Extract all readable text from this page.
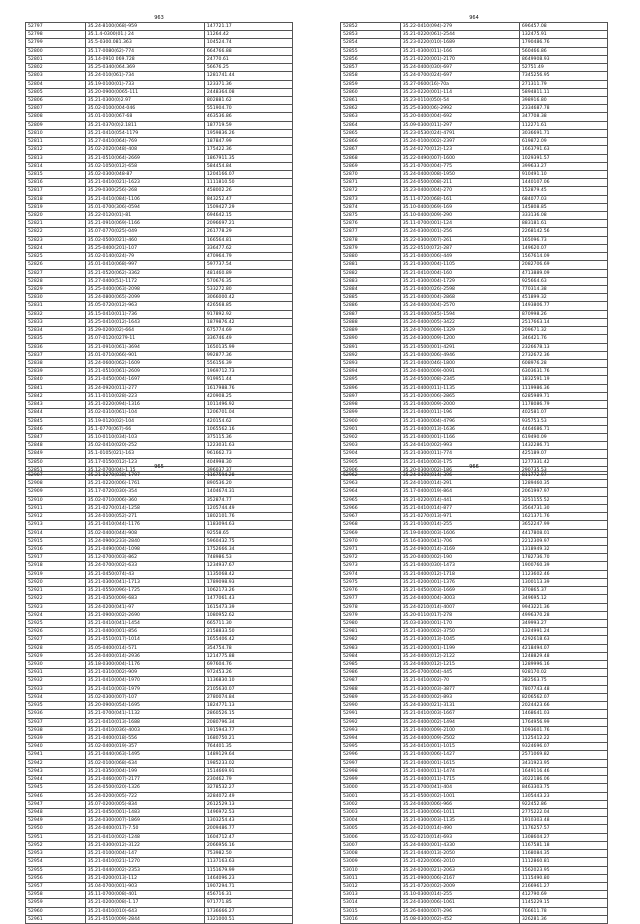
963
52797	35.24-8100(068)-959	147721.17
52798	35.1.4-0300(01.) 24	11264.42
52799	35.5-0300.081.363	104524.74
52800	35.17-0080(62)-774	664766.88
52801	35.14-0910 069.728	24770.61
52802	35.25-0340(064.369	56676.25
52803	35.24-010(061)-734	1281741.44
52804	35.19-0100(01)-733	123371.36
52805	35.20-0900(0065-111	2448364.08
52806	35.21-0300(0)2.97	802881.62
52807	35.02-0100(004-046	551904.70
52808	35.01-0100(067-68	463536.86
52809	35.21-0370(0)2.1811	187719.59
52810	35.21-0410(054-1179	1959836.26
52811	35.27-0410(064)-769	187847.99
52812	35.02-2020(048)-408	175422.36
52813	35.21-0510(064)-2669	1867911.35
52814	35.02-1050(012)-658	584454.84
52815	35.02-0300(048-87	1204166.07
52816	35.21-0410(021)-1623	1111810.50
52817	35.29-0300(256)-268	458002.26
52818	35.21-0410(084)-1106	843252.47
52819	35.01-0700(306)-0594	1509427.29
52820	35.22-0120(01)-81	694642.15
52821	35.21-0910(069)-1166	2096697.21
52822	35.07-0770(025)-049	261778.29
52823	35.02-0500(021)-460	166564.81
52824	35.25-0400(201)-107	336477.62
52825	35.02-0140(024)-79	470964.79
52826	35.01-0410(068)-997	597737.54
52827	35.21-0520(062)-3362	481460.89
52828	35.27-0400(51)-1172	570676.35
52829	35.25-0400(063)-2098	533272.80
52830	35.24-0800(065)-2099	3066000.42
52831	35.05-0720(012)-963	426568.85
52832	35.15-0410(011)-736	917892.92
52833	35.25-0410(012)-1643	1879876.42
52834	35.29-0200(02)-664	675774.69
52835	35.07-0120(0279-11	336746.49
52836	35.21-0910(061)-3694	1650135.99
52837	35.01-0710(066)-901	992877.36
52838	35.24-0600(062)-1609	556156.39
52839	35.21-0510(061)-2609	1969712.73
52840	35.21-0450(004)-1697	919951.44
52841	35.24-0920(011)-277	1617988.76
52842	35.11-0110(028)-223	420908.25
52843	35.21-0220(094)-1316	1011496.92
52844	35.02-0310(061)-104	1206701.04
52845	35.19-0120(02)-104	420154.62
52846	35.1-0770(067)-66	1065562.16
52847	35.10-0110(034)-103	375115.36
52848	35.02-0410(020)-252	1223031.63
52849	35.1-0105(021)-163	961662.73
52850	35.17-0150(012)-123	404998.30
52851	35.12-0700(04)-1.15	396037.37
964
52852	35.22-0410(094)-279	696457.08
52853	35.21-0220(061)-2544	132475.91
52854	35.23-0220(010)-1689	1790486.76
52855	35.21-0300(011)-166	560466.86
52856	35.21-0220(001)-2170	8649908.93
52857	35.24-0400(030)-697	52751.49
52858	35.24-0700(024)-697	7345256.95
52859	35.27-0600(16)-70a	271311.79
52860	35.23-0220(001)-114	5894811.11
52861	35.23-0110(050)-54	398916.80
52862	35.25-0300(06)-2992	2334687.78
52863	35.20-0400(004)-692	347708.38
52864	35.09-0300(011)-297	112271.61
52865	35.23-0530(024)-4791	3036691.71
52866	35.24-0100(002)-2397	619872.09
52867	35.24-0270(012)-123	1663791.63
52868	35.22-0490(007)-1600	1029391.57
52869	35.21-0700(004)-775	399633.27
52870	35.24-0400(008)-1950	910491.10
52871	35.24-0500(008)-211	1440107.06
52872	35.23-0400(004)-270	152879.45
52873	35.11-0720(068)-161	684077.03
52874	35.10-0400(069)-169	145808.85
52875	35.10-0400(009)-290	333136.08
52876	35.11-0700(001)-124	883181.61
52877	35.24-0300(001)-256	2268142.56
52878	35.22-0300(007)-261	165096.73
52879	35.22-0510(072)-287	149620.07
52880	35.21-0400(006)-449	1567614.09
52881	35.21-0300(004)-1105	2082706.69
52882	35.21-0410(004)-160	4713889.09
52883	35.21-0300(004)-1729	925664.63
52884	35.21-0400(026)-2598	770314.38
52885	35.21-0400(004)-2868	451899.32
52886	35.24-0400(004)-2570	1493806.77
52887	35.21-0400(045)-1594	870998.26
52888	35.24-0400(005)-3422	2517663.14
52889	35.24-0700(009)-1329	209671.32
52890	35.24-0300(009)-1200	346421.76
52891	35.21-0500(001)-4291	2326678.13
52892	35.21-0400(006)-4946	2732672.36
52893	35.21-0400(046)-1800	608976.28
52894	35.24-0400(009)-0091	6303631.76
52895	35.24-0500(008)-2345	1832591.19
52896	35.21-0400(011)-1135	1119986.36
52897	35.21-0200(006)-2865	6285989.71
52898	35.21-0400(009)-2000	1178086.79
52899	35.21-0400(011)-196	402581.07
52900	35.21-0300(004)-4796	935753.53
52901	35.21-0400(013)-1636	4464686.71
52902	35.21-0400(001)-1166	619490.09
52903	35.24-0410(002)-993	1432286.71
52904	35.21-0300(011)-774	425189.07
52905	35.21-0410(003)-175	1277331.42
52906	35.20-0300(002)-186	290735.53
965
52907	35.21-0270(038)-1797	1167594.28
52908	35.21-0220(006)-1761	890536.20
52909	35.17-0720(030)-354	1404674.31
52910	35.02-0710(006)-360	352874.77
52911	35.21-0270(014)-1258	1205744.49
52912	35.24-0100(052)-271	1802101.76
52913	35.21-0410(044)-1176	1183094.63
52914	35.02-0400(044)-908	92558.65
52915	35.24-0900(233)-2840	5960432.75
52916	35.21-0490(004)-1098	1752666.34
52917	35.12-0700(003)-862	748986.53
52918	35.24-0700(002)-633	1234937.67
52919	35.21-0450(074)-43	1135068.42
52920	35.21-0300(041)-1713	1789098.93
52921	35.21-0550(096)-1725	1062173.26
52922	35.21-0350(009)-683	1477061.43
52923	35.24-0200(041)-97	1615473.39
52924	35.21-0900(002)-2690	1080952.62
52925	35.21-0410(041)-1454	665711.30
52926	35.21-0400(001)-856	2158833.50
52927	35.21-0510(017)-1014	1655406.42
52928	35.05-0400(014)-571	354754.78
52929	35.24-0400(014)-2936	1214775.88
52930	35.18-0300(004)-1176	697604.76
52931	35.21-0310(002)-909	972453.26
52932	35.21-0410(004)-1970	1136830.10
52933	35.21-0410(003)-1979	2105630.07
52934	35.02-0300(007)-107	2780074.84
52935	35.20-0900(054)-1695	1824771.13
52936	35.21-0700(041)-1132	2860526.15
52937	35.21-0410(013)-1688	2080796.34
52938	35.21-0410(036)-4003	1915943.77
52939	35.21-0400(018)-556	1680750.21
52940	35.02-0400(019)-357	764401.35
52941	35.21-0440(063)-1495	1489129.64
52942	35.02-0100(068)-634	1985233.02
52943	35.21-0350(004)-199	1514669.91
52944	35.21-0460(007)-2177	230462.79
52945	35.24-0500(020)-1326	3278532.27
52946	35.24-0200(005)-722	3284072.49
52947	35.07-0200(005)-834	2612529.13
52948	35.21-0450(001)-1483	1496972.53
52949	35.24-0300(007)-1869	1303254.43
52950	35.24-0400(017)-7.50	2009486.77
52951	35.21-0410(002)-1248	1604712.47
52952	35.21-0300(012)-3122	2066956.16
52953	35.21-0100(004)-147	753982.50
52954	35.21-0410(021)-1270	1137163.63
52955	35.21-0440(002)-2353	1151679.99
52956	35.21-0200(013)-112	1464096.23
52957	35.04-0700(001)-903	1907294.71
52958	35.11-0700(008)-401	456716.31
52959	35.21-0200(008)-1.17	971771.85
52960	35.21-0410(010)-643	1736666.27
52961	35.21-0510(009)-2844	1321000.51
966
52962	35.24-0300(014)-396	811772.97
52963	35.24-0100(014)-291	1289460.35
52964	35.17-0400(019)-864	2061997.97
52965	35.21-0220(014)-441	3251155.52
52966	35.21-0410(014)-877	3564731.30
52967	35.21-0270(013)-971	1621371.76
52968	35.21-0100(014)-255	3652247.99
52969	35.19-0400(003)-1606	4417808.01
52970	35.16-0300(041)-706	2212309.97
52971	35.24-0900(014)-3169	1318949.32
52972	35.20-0400(002)-190	1782736.70
52973	35.21-0400(030)-1473	1900760.39
52974	35.21-0400(012)-1718	1123602.46
52975	35.21-0200(001)-1376	1300113.39
52976	35.21-0450(003)-1669	370865.37
52977	35.24-0400(004)-3003	349695.12
52978	35.24-0210(014)-4007	9943221.36
52979	35.20-0110(017)-278	4996370.28
52980	35.03-0300(001)-170	349993.27
52981	35.21-0300(002)-3750	1324991.24
52982	35.21-0300(013)-1045	4292618.63
52983	35.21-0200(001)-1199	4218494.07
52984	35.24-0400(012)-2122	1248829.48
52985	35.24-0400(012)-1215	1289996.16
52986	35.26-0700(004)-445	928170.02
52987	35.21-0410(002)-70	382563.75
52988	35.21-0300(003)-3877	7807743.48
52989	35.24-0400(002)-893	8206562.07
52990	35.24-0300(021)-3131	2024423.66
52991	35.21-0410(003)-1667	1468641.03
52992	35.24-0400(002)-1494	1764956.99
52993	35.21-0400(009)-2100	1093601.76
52994	35.24-0400(009)-2502	1125412.22
52995	35.24-0410(001)-1015	9324696.07
52996	35.21-0400(006)-1427	2571069.82
52997	35.21-0400(001)-1615	3431923.95
52998	35.21-0400(011)-1474	1649116.46
52999	35.21-0400(011)-1715	3022186.06
53000	35.21-0700(041)-404	8463303.75
53001	35.21-0500(002)-1001	1305443.23
53002	35.24-0400(006)-966	922452.86
53003	35.21-0300(006)-1011	2775222.04
53004	35.21-0300(003)-1135	1910303.48
53005	35.24-0210(014)-490	1176257.57
53006	35.02-0210(014)-693	1308604.27
53007	35.24-0400(001)-4330	1167581.18
53008	35.21-0440(013)-2050	1168084.35
53009	35.21-0220(006)-2010	1112860.81
53010	35.24-0200(021)-2063	1562023.95
53011	35.21-0900(006)-2167	1115490.80
53012	35.21-0720(002)-2009	2166961.27
53013	35.10-0300(014)-255	412790.69
53014	35.24-0300(006)-1061	1145229.15
53015	35.26-0400(007)-296	766611.78
53016	35.08-0300(002)-452	326281.36
